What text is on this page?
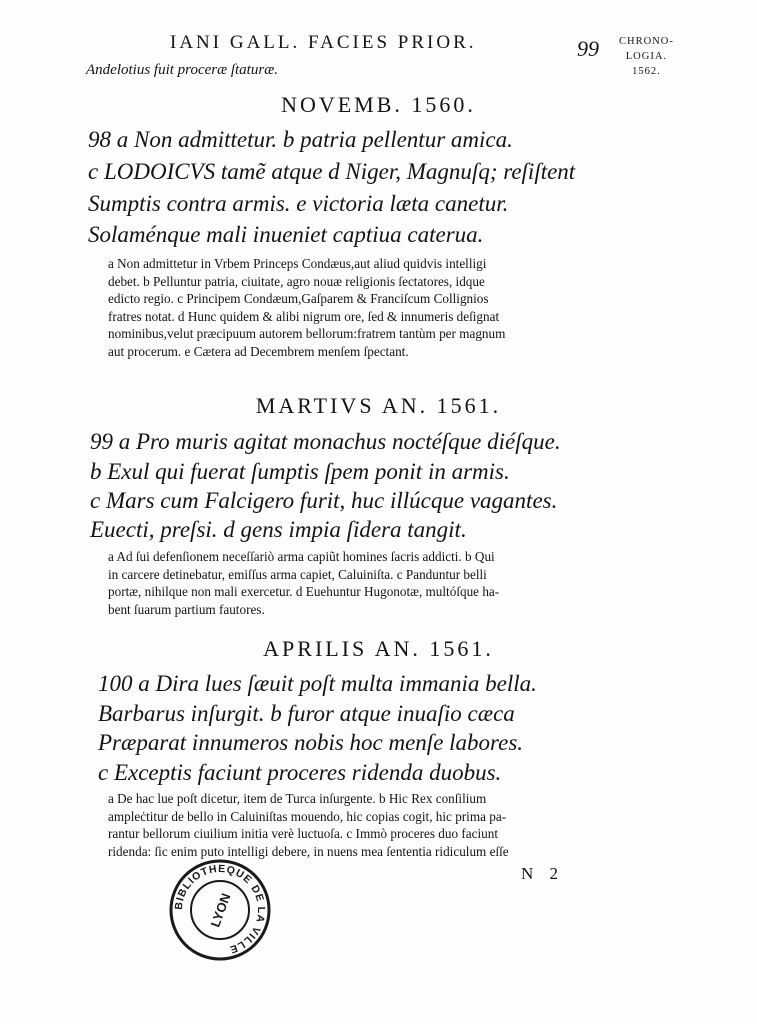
IANI GALL. FACIES PRIOR.	99 CHRONO-
LOGIA.
1562.
Andelotius fuit proceræ ſtaturæ.
NOVEMB. 1560.
98 a Non admittetur. b patria pellentur amica.
c LODOICVS tamẽ atque d Niger, Magnuſq; reſiſtent
Sumptis contra armis. e victoria læta canetur.
Solaménque mali inueniet captiua caterua.
a Non admittetur in Vrbem Princeps Condæus,aut aliud quidvis intelligi
debet. b Pelluntur patria, ciuitate, agro nouæ religionis ſectatores, idque
edicto regio. c Principem Condæum,Gaſparem & Franciſcum Collignios
fratres notat. d Hunc quidem & alibi nigrum ore, ſed & innumeris deſignat
nominibus,velut præcipuum autorem bellorum:fratrem tantùm per magnum
aut procerum. e Cætera ad Decembrem menſem ſpectant.
MARTIVS AN. 1561.
99 a Pro muris agitat monachus noctéſque diéſque.
b Exul qui fuerat ſumptis ſpem ponit in armis.
c Mars cum Falcigero furit, huc illúcque vagantes.
Euecti, preſsi. d gens impia ſidera tangit.
a Ad ſui defenſionem neceſſariò arma capiũt homines ſacris addicti. b Qui
in carcere detinebatur, emiſſus arma capiet, Caluiniſta. c Panduntur belli
portæ, nihilque non mali exercetur. d Euehuntur Hugonotæ, multóſque ha-
bent ſuarum partium fautores.
APRILIS AN. 1561.
100 a Dira lues ſæuit poſt multa immania bella.
Barbarus inſurgit. b furor atque inuaſio cæca
Præparat innumeros nobis hoc menſe labores.
c Exceptis faciunt proceres ridenda duobus.
a De hac lue poſt dicetur, item de Turca inſurgente. b Hic Rex conſilium
ampleċtitur de bello in Caluiniſtas mouendo, hic copias cogit, hic prima pa-
rantur bellorum ciuilium initia verè luctuoſa. c Immò proceres duo faciunt
ridenda: ſic enim puto intelligi debere, in nuens mea ſententia ridiculum eſſe
N 2
BIBLIOTHEQUE DE LA VILLE
LYON
